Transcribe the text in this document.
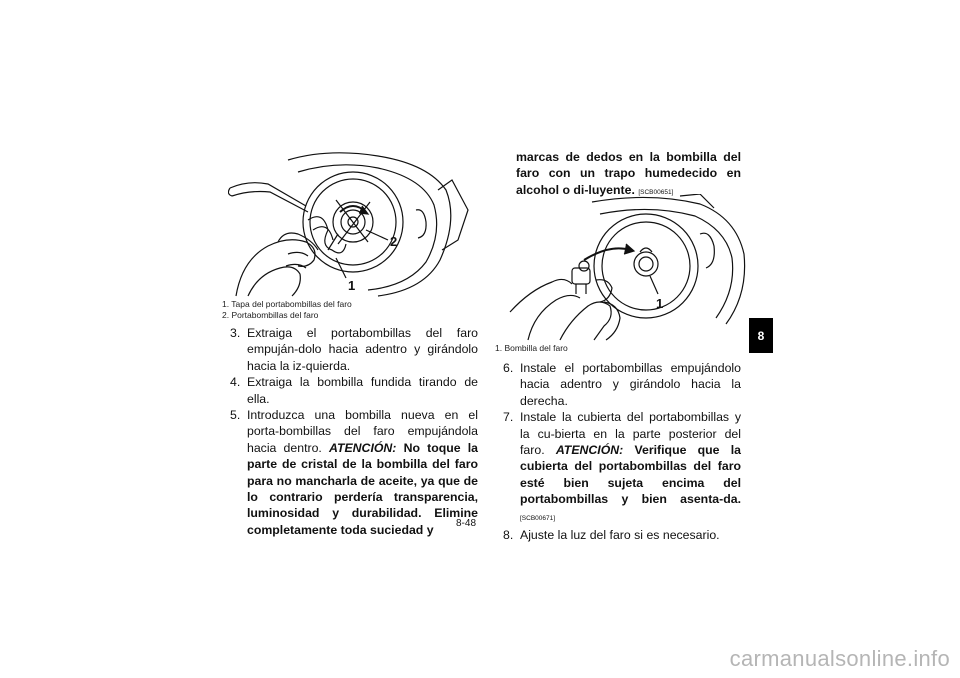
2
1
1. Tapa del portabombillas del faro
2. Portabombillas del faro
3. Extraiga el portabombillas del faro empuján-dolo hacia adentro y girándolo hacia la iz-quierda.
4. Extraiga la bombilla fundida tirando de ella.
5. Introduzca una bombilla nueva en el porta-bombillas del faro empujándola hacia dentro. ATENCIÓN: No toque la parte de cristal de la bombilla del faro para no mancharla de aceite, ya que de lo contrario perdería transparencia, luminosidad y durabilidad. Elimine completamente toda suciedad y
marcas de dedos en la bombilla del faro con un trapo humedecido en alcohol o di-luyente. [SCB00651]
1
1. Bombilla del faro
6. Instale el portabombillas empujándolo hacia adentro y girándolo hacia la derecha.
7. Instale la cubierta del portabombillas y la cu-bierta en la parte posterior del faro. ATENCIÓN: Verifique que la cubierta del portabombillas del faro esté bien sujeta encima del portabombillas y bien asenta-da. [SCB00671]
8. Ajuste la luz del faro si es necesario.
8-48
8
carmanualsonline.info
